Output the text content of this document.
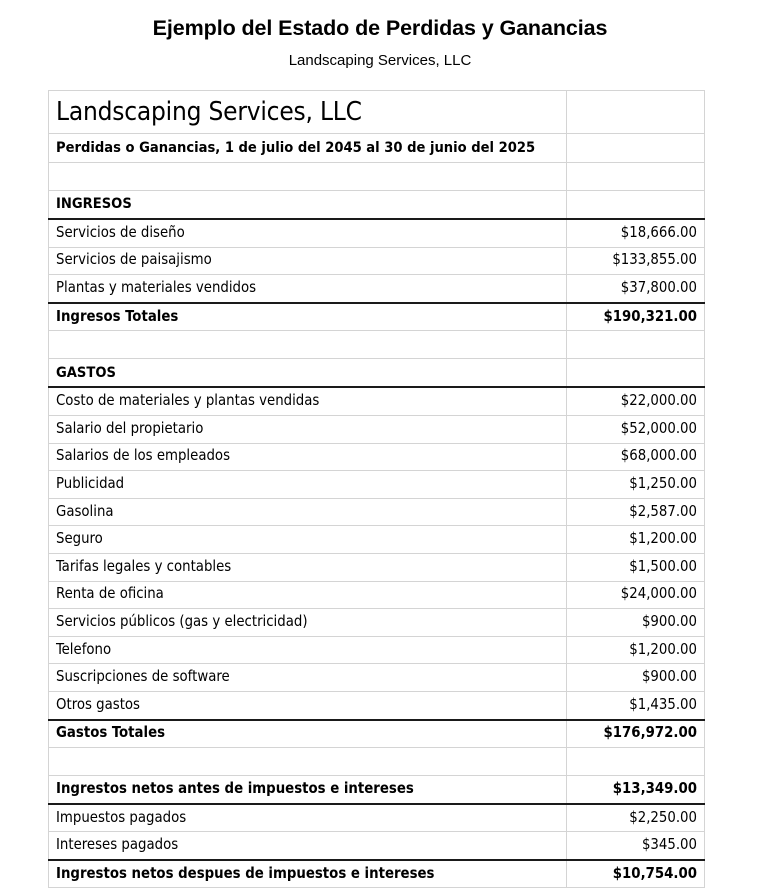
Ejemplo del Estado de Perdidas y Ganancias
Landscaping Services, LLC
Landscaping Services, LLC	
Perdidas o Ganancias, 1 de julio del 2045 al 30 de junio del 2025	

INGRESOS	
Servicios de diseño	$18,666.00
Servicios de paisajismo	$133,855.00
Plantas y materiales vendidos	$37,800.00
Ingresos Totales	$190,321.00

GASTOS	
Costo de materiales y plantas vendidas	$22,000.00
Salario del propietario	$52,000.00
Salarios de los empleados	$68,000.00
Publicidad	$1,250.00
Gasolina	$2,587.00
Seguro	$1,200.00
Tarifas legales y contables	$1,500.00
Renta de oficina	$24,000.00
Servicios públicos (gas y electricidad)	$900.00
Telefono	$1,200.00
Suscripciones de software	$900.00
Otros gastos	$1,435.00
Gastos Totales	$176,972.00

Ingrestos netos antes de impuestos e intereses	$13,349.00
Impuestos pagados	$2,250.00
Intereses pagados	$345.00
Ingrestos netos despues de impuestos e intereses	$10,754.00
